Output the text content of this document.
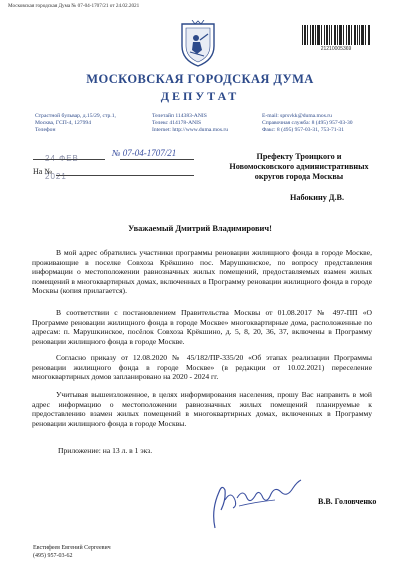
Московская городская Дума № 07-04-1707/21 от 24.02.2021
21210005369
МОСКОВСКАЯ ГОРОДСКАЯ ДУМА
ДЕПУТАТ
Страстной бульвар, д.15/29, стр.1,
Москва, ГСП-4, 127994
Телефон
Телетайп 114383-ANIS
Телекс 414178-ANIS
Internet: http://www.duma.mos.ru
E-mail: sprsvkk@duma.mos.ru
Справочная служба: 8 (495) 957-03-30
Факс: 8 (495) 957-03-31, 753-71-31
24 ФЕВ 2021
№ 07-04-1707/21
На №
Префекту Троицкого и Новомосковского административных округов города Москвы
Набокину Д.В.
Уважаемый Дмитрий Владимирович!
В мой адрес обратились участники программы реновации жилищного фонда в городе Москве, проживающие в поселке Совхоза Крёкшино пос. Марушкинское, по вопросу представления информации о местоположении равнозначных жилых помещений, предоставляемых взамен жилых помещений в многоквартирных домах, включенных в Программу реновации жилищного фонда в городе Москвы (копия прилагается).
В соответствии с постановлением Правительства Москвы от 01.08.2017 № 497-ПП «О Программе реновации жилищного фонда в городе Москве» многоквартирные дома, расположенные по адресам: п. Марушкинское, посёлок Совхоза Крёкшино, д. 5, 8, 20, 36, 37, включены в Программу реновации жилищного фонда в городе Москве.
Согласно приказу от 12.08.2020 № 45/182/ПР-335/20 «Об этапах реализации Программы реновации жилищного фонда в городе Москве» (в редакции от 10.02.2021) переселение многоквартирных домов запланировано на 2020 - 2024 гг.
Учитывая вышеизложенное, в целях информирования населения, прошу Вас направить в мой адрес информацию о местоположении равнозначных жилых помещений планируемые к предоставлению взамен жилых помещений в многоквартирных домах, включенных в Программу реновации жилищного фонда в городе Москвы.
Приложение: на 13 л. в 1 экз.
В.В. Головченко
Евстифеев Евгений Сергеевич
(495) 957-03-62
